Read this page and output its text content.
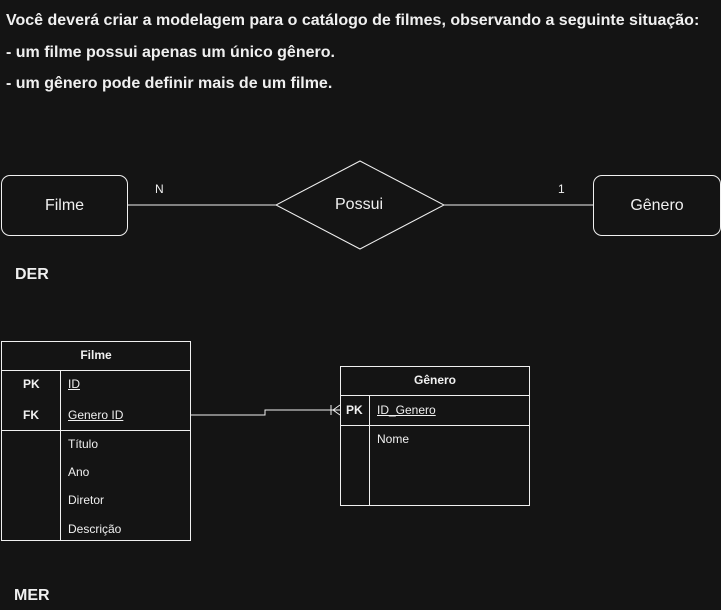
Você deverá criar a modelagem para o catálogo de filmes, observando a seguinte situação:

- um filme possui apenas um único gênero.

- um gênero pode definir mais de um filme.

Filme	Gênero
Possui
N	1
DER
Filme
PK ID
FK Genero ID
Título
Ano
Diretor
Descrição
Gênero
PK ID_Genero
Nome
MER
